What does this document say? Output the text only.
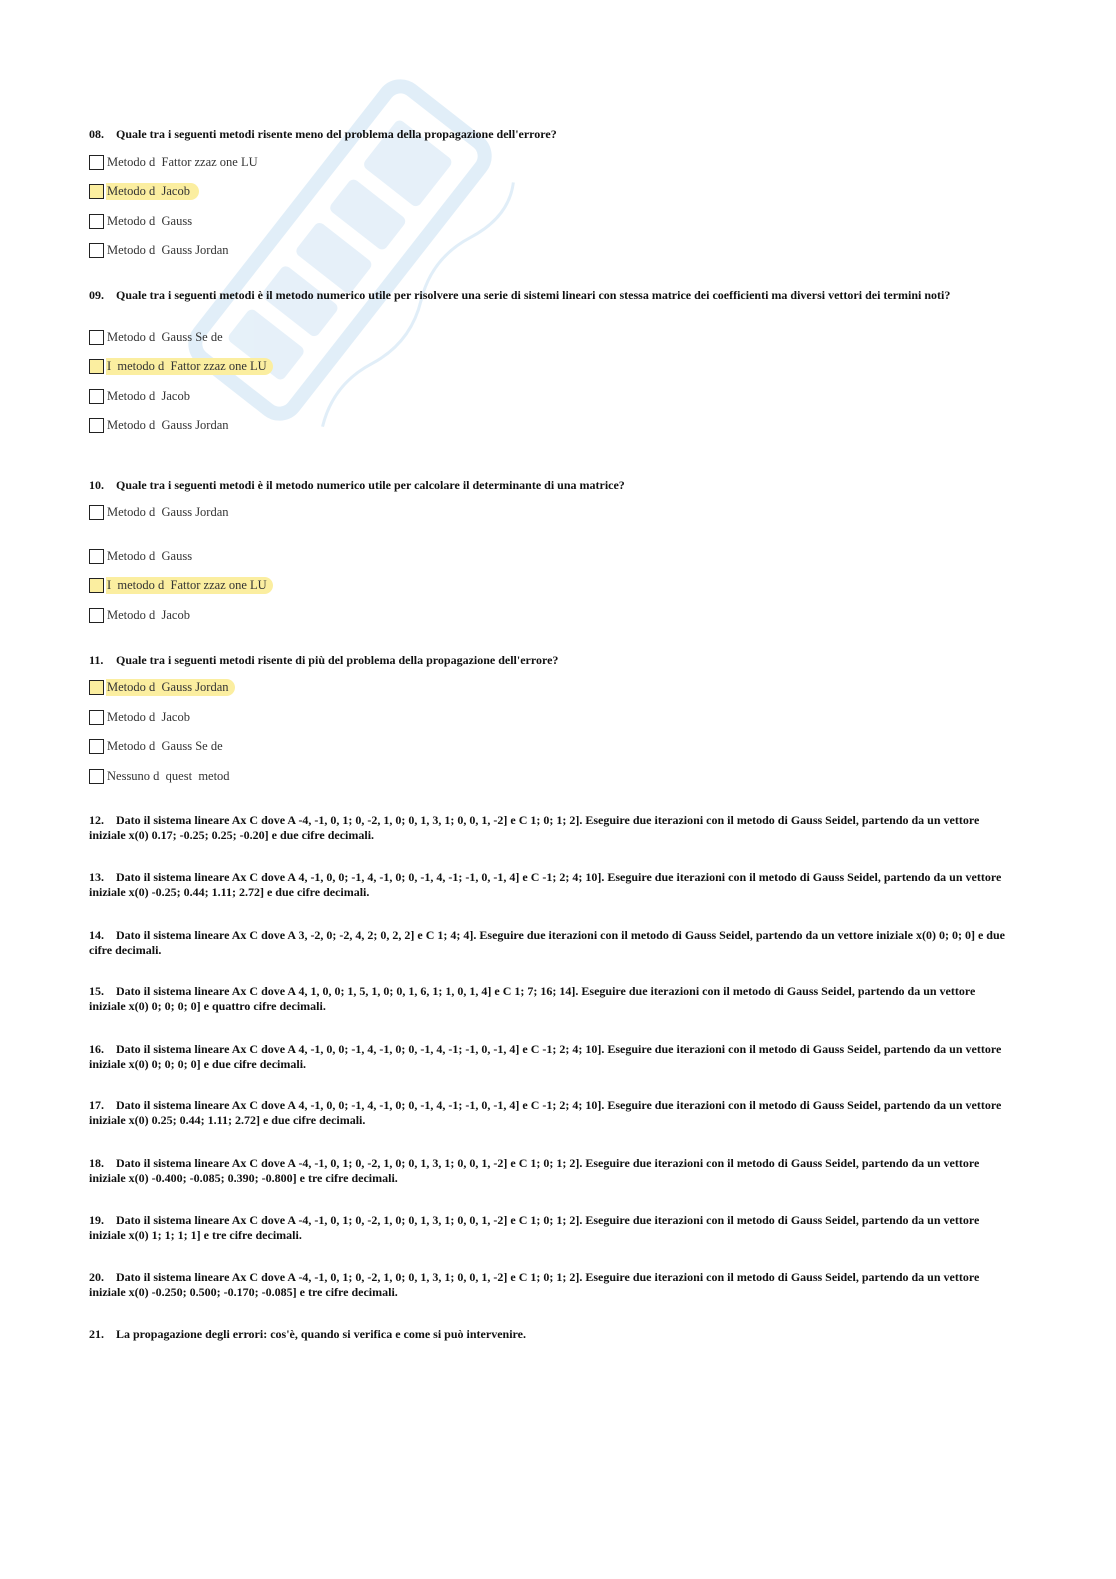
08. Quale tra i seguenti metodi risente meno del problema della propagazione dell'errore?
Metodo d  Fattor zzaz one LU
Metodo d  Jacob
Metodo d  Gauss
Metodo d  Gauss Jordan
09. Quale tra i seguenti metodi è il metodo numerico utile per risolvere una serie di sistemi lineari con stessa matrice dei coefficienti ma diversi vettori dei termini noti?
Metodo d  Gauss Se de
I  metodo d  Fattor zzaz one LU
Metodo d  Jacob
Metodo d  Gauss Jordan
10. Quale tra i seguenti metodi è il metodo numerico utile per calcolare il determinante di una matrice?
Metodo d  Gauss Jordan
Metodo d  Gauss
I  metodo d  Fattor zzaz one LU
Metodo d  Jacob
11. Quale tra i seguenti metodi risente di più del problema della propagazione dell'errore?
Metodo d  Gauss Jordan
Metodo d  Jacob
Metodo d  Gauss Se de
Nessuno d  quest  metod
12. Dato il sistema lineare Ax C dove A -4, -1, 0, 1; 0, -2, 1, 0; 0, 1, 3, 1; 0, 0, 1, -2] e C 1; 0; 1; 2]. Eseguire due iterazioni con il metodo di Gauss Seidel, partendo da un vettore iniziale x(0) 0.17; -0.25; 0.25; -0.20] e due cifre decimali.
13. Dato il sistema lineare Ax C dove A 4, -1, 0, 0; -1, 4, -1, 0; 0, -1, 4, -1; -1, 0, -1, 4] e C -1; 2; 4; 10]. Eseguire due iterazioni con il metodo di Gauss Seidel, partendo da un vettore iniziale x(0) -0.25; 0.44; 1.11; 2.72] e due cifre decimali.
14. Dato il sistema lineare Ax C dove A 3, -2, 0; -2, 4, 2; 0, 2, 2] e C 1; 4; 4]. Eseguire due iterazioni con il metodo di Gauss Seidel, partendo da un vettore iniziale x(0) 0; 0; 0] e due cifre decimali.
15. Dato il sistema lineare Ax C dove A 4, 1, 0, 0; 1, 5, 1, 0; 0, 1, 6, 1; 1, 0, 1, 4] e C 1; 7; 16; 14]. Eseguire due iterazioni con il metodo di Gauss Seidel, partendo da un vettore iniziale x(0) 0; 0; 0; 0] e quattro cifre decimali.
16. Dato il sistema lineare Ax C dove A 4, -1, 0, 0; -1, 4, -1, 0; 0, -1, 4, -1; -1, 0, -1, 4] e C -1; 2; 4; 10]. Eseguire due iterazioni con il metodo di Gauss Seidel, partendo da un vettore iniziale x(0) 0; 0; 0; 0] e due cifre decimali.
17. Dato il sistema lineare Ax C dove A 4, -1, 0, 0; -1, 4, -1, 0; 0, -1, 4, -1; -1, 0, -1, 4] e C -1; 2; 4; 10]. Eseguire due iterazioni con il metodo di Gauss Seidel, partendo da un vettore iniziale x(0) 0.25; 0.44; 1.11; 2.72] e due cifre decimali.
18. Dato il sistema lineare Ax C dove A -4, -1, 0, 1; 0, -2, 1, 0; 0, 1, 3, 1; 0, 0, 1, -2] e C 1; 0; 1; 2]. Eseguire due iterazioni con il metodo di Gauss Seidel, partendo da un vettore iniziale x(0) -0.400; -0.085; 0.390; -0.800] e tre cifre decimali.
19. Dato il sistema lineare Ax C dove A -4, -1, 0, 1; 0, -2, 1, 0; 0, 1, 3, 1; 0, 0, 1, -2] e C 1; 0; 1; 2]. Eseguire due iterazioni con il metodo di Gauss Seidel, partendo da un vettore iniziale x(0) 1; 1; 1; 1] e tre cifre decimali.
20. Dato il sistema lineare Ax C dove A -4, -1, 0, 1; 0, -2, 1, 0; 0, 1, 3, 1; 0, 0, 1, -2] e C 1; 0; 1; 2]. Eseguire due iterazioni con il metodo di Gauss Seidel, partendo da un vettore iniziale x(0) -0.250; 0.500; -0.170; -0.085] e tre cifre decimali.
21. La propagazione degli errori: cos'è, quando si verifica e come si può intervenire.
